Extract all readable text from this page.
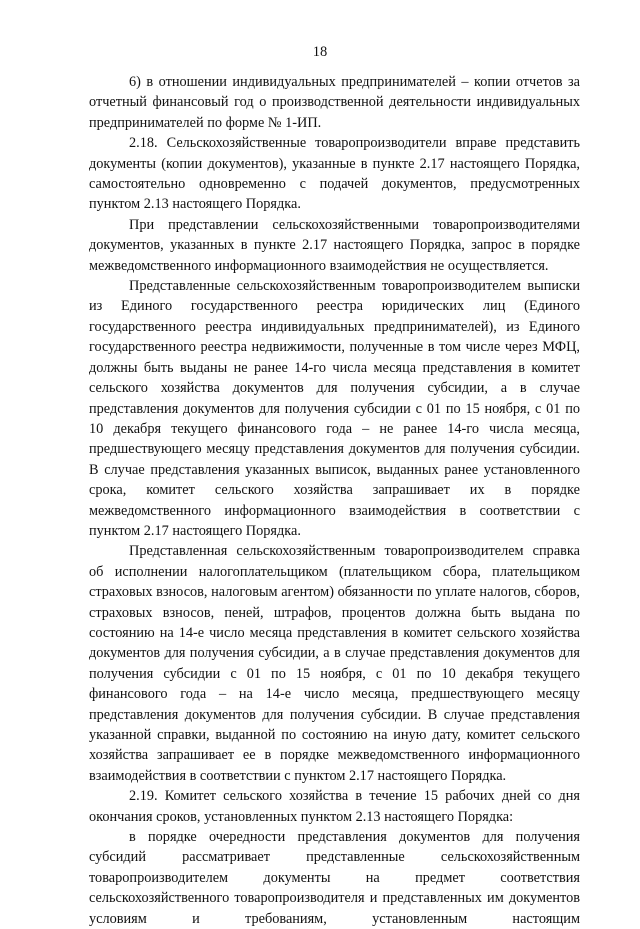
18

6) в отношении индивидуальных предпринимателей – копии отчетов за отчетный финансовый год о производственной деятельности индивидуальных предпринимателей по форме № 1-ИП.

2.18. Сельскохозяйственные товаропроизводители вправе представить документы (копии документов), указанные в пункте 2.17 настоящего Порядка, самостоятельно одновременно с подачей документов, предусмотренных пунктом 2.13 настоящего Порядка.

При представлении сельскохозяйственными товаропроизводителями документов, указанных в пункте 2.17 настоящего Порядка, запрос в порядке межведомственного информационного взаимодействия не осуществляется.

Представленные сельскохозяйственным товаропроизводителем выписки из Единого государственного реестра юридических лиц (Единого государственного реестра индивидуальных предпринимателей), из Единого государственного реестра недвижимости, полученные в том числе через МФЦ, должны быть выданы не ранее 14-го числа месяца представления в комитет сельского хозяйства документов для получения субсидии, а в случае представления документов для получения субсидии с 01 по 15 ноября, с 01 по 10 декабря текущего финансового года – не ранее 14-го числа месяца, предшествующего месяцу представления документов для получения субсидии. В случае представления указанных выписок, выданных ранее установленного срока, комитет сельского хозяйства запрашивает их в порядке межведомственного информационного взаимодействия в соответствии с пунктом 2.17 настоящего Порядка.

Представленная сельскохозяйственным товаропроизводителем справка об исполнении налогоплательщиком (плательщиком сбора, плательщиком страховых взносов, налоговым агентом) обязанности по уплате налогов, сборов, страховых взносов, пеней, штрафов, процентов должна быть выдана по состоянию на 14-е число месяца представления в комитет сельского хозяйства документов для получения субсидии, а в случае представления документов для получения субсидии с 01 по 15 ноября, с 01 по 10 декабря текущего финансового года – на 14-е число месяца, предшествующего месяцу представления документов для получения субсидии. В случае представления указанной справки, выданной по состоянию на иную дату, комитет сельского хозяйства запрашивает ее в порядке межведомственного информационного взаимодействия в соответствии с пунктом 2.17 настоящего Порядка.

2.19. Комитет сельского хозяйства в течение 15 рабочих дней со дня окончания сроков, установленных пунктом 2.13 настоящего Порядка:

в порядке очередности представления документов для получения субсидий рассматривает представленные сельскохозяйственным товаропроизводителем документы на предмет соответствия сельскохозяйственного товаропроизводителя и представленных им документов условиям и требованиям, установленным настоящим
